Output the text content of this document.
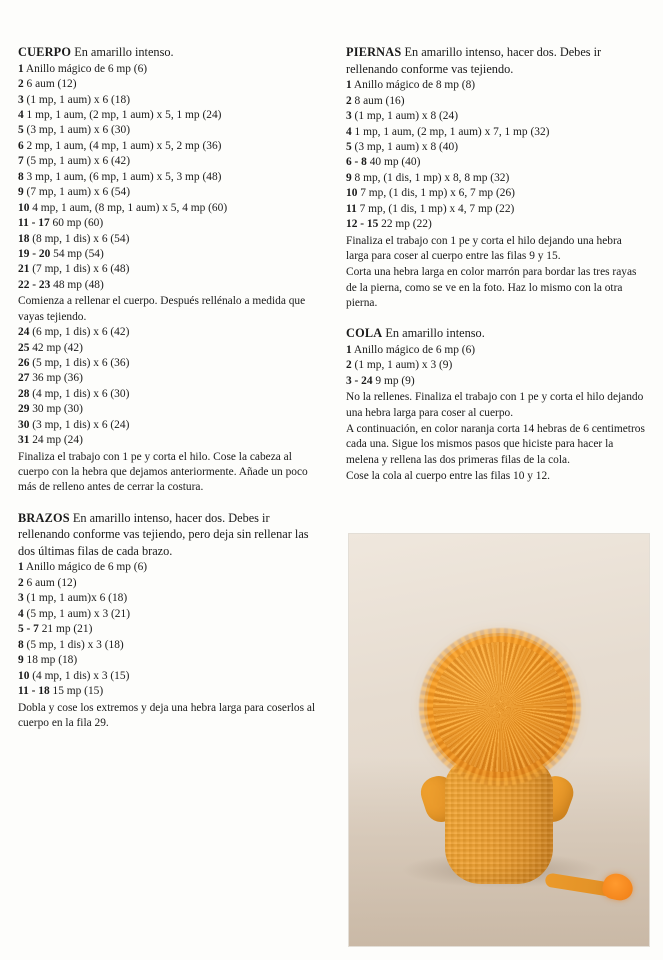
CUERPO En amarillo intenso.
1 Anillo mágico de 6 mp (6)
2 6 aum (12)
3 (1 mp, 1 aum) x 6 (18)
4 1 mp, 1 aum, (2 mp, 1 aum) x 5, 1 mp (24)
5 (3 mp, 1 aum) x 6 (30)
6 2 mp, 1 aum, (4 mp, 1 aum) x 5, 2 mp (36)
7 (5 mp, 1 aum) x 6 (42)
8 3 mp, 1 aum, (6 mp, 1 aum) x 5, 3 mp (48)
9 (7 mp, 1 aum) x 6 (54)
10 4 mp, 1 aum, (8 mp, 1 aum) x 5, 4 mp (60)
11 - 17 60 mp (60)
18 (8 mp, 1 dis) x 6 (54)
19 - 20 54 mp (54)
21 (7 mp, 1 dis) x 6 (48)
22 - 23 48 mp (48)
Comienza a rellenar el cuerpo. Después rellénalo a medida que vayas tejiendo.
24 (6 mp, 1 dis) x 6 (42)
25 42 mp (42)
26 (5 mp, 1 dis) x 6 (36)
27 36 mp (36)
28 (4 mp, 1 dis) x 6 (30)
29 30 mp (30)
30 (3 mp, 1 dis) x 6 (24)
31 24 mp (24)
Finaliza el trabajo con 1 pe y corta el hilo. Cose la cabeza al cuerpo con la hebra que dejamos anteriormente. Añade un poco más de relleno antes de cerrar la costura.
BRAZOS En amarillo intenso, hacer dos. Debes ir rellenando conforme vas tejiendo, pero deja sin rellenar las dos últimas filas de cada brazo.
1 Anillo mágico de 6 mp (6)
2 6 aum (12)
3 (1 mp, 1 aum)x 6 (18)
4 (5 mp, 1 aum) x 3 (21)
5 - 7 21 mp (21)
8 (5 mp, 1 dis) x 3 (18)
9 18 mp (18)
10 (4 mp, 1 dis) x 3 (15)
11 - 18 15 mp (15)
Dobla y cose los extremos y deja una hebra larga para coserlos al cuerpo en la fila 29.
PIERNAS En amarillo intenso, hacer dos. Debes ir rellenando conforme vas tejiendo.
1 Anillo mágico de 8 mp (8)
2 8 aum (16)
3 (1 mp, 1 aum) x 8 (24)
4 1 mp, 1 aum, (2 mp, 1 aum) x 7, 1 mp (32)
5 (3 mp, 1 aum) x 8 (40)
6 - 8 40 mp (40)
9 8 mp, (1 dis, 1 mp) x 8, 8 mp (32)
10 7 mp, (1 dis, 1 mp) x 6, 7 mp (26)
11 7 mp, (1 dis, 1 mp) x 4, 7 mp (22)
12 - 15 22 mp (22)
Finaliza el trabajo con 1 pe y corta el hilo dejando una hebra larga para coser al cuerpo entre las filas 9 y 15.
Corta una hebra larga en color marrón para bordar las tres rayas de la pierna, como se ve en la foto. Haz lo mismo con la otra pierna.
COLA En amarillo intenso.
1 Anillo mágico de 6 mp (6)
2 (1 mp, 1 aum) x 3 (9)
3 - 24 9 mp (9)
No la rellenes. Finaliza el trabajo con 1 pe y corta el hilo dejando una hebra larga para coser al cuerpo.
A continuación, en color naranja corta 14 hebras de 6 centimetros cada una. Sigue los mismos pasos que hiciste para hacer la melena y rellena las dos primeras filas de la cola.
Cose la cola al cuerpo entre las filas 10 y 12.
